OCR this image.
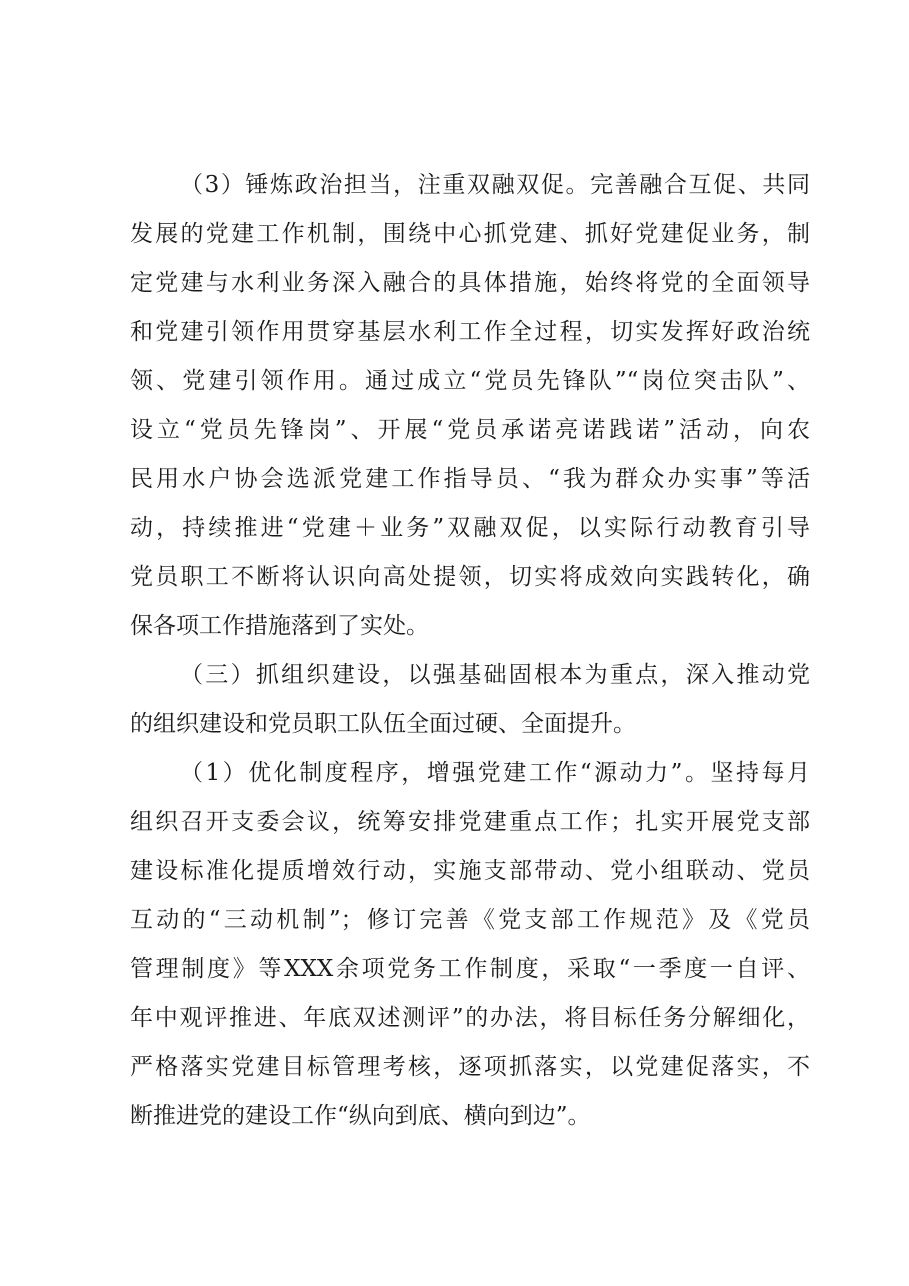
（3）锤炼政治担当，注重双融双促。完善融合互促、共同

发展的党建工作机制，围绕中心抓党建、抓好党建促业务，制

定党建与水利业务深入融合的具体措施，始终将党的全面领导

和党建引领作用贯穿基层水利工作全过程，切实发挥好政治统

领、党建引领作用。通过成立“党员先锋队”“岗位突击队”、

设立“党员先锋岗”、开展“党员承诺亮诺践诺”活动，向农

民用水户协会选派党建工作指导员、“我为群众办实事”等活

动，持续推进“党建＋业务”双融双促，以实际行动教育引导

党员职工不断将认识向高处提领，切实将成效向实践转化，确

保各项工作措施落到了实处。

（三）抓组织建设，以强基础固根本为重点，深入推动党

的组织建设和党员职工队伍全面过硬、全面提升。

（1）优化制度程序，增强党建工作“源动力”。坚持每月

组织召开支委会议，统筹安排党建重点工作；扎实开展党支部

建设标准化提质增效行动，实施支部带动、党小组联动、党员

互动的“三动机制”；修订完善《党支部工作规范》及《党员

管理制度》等XXX余项党务工作制度，采取“一季度一自评、

年中观评推进、年底双述测评”的办法，将目标任务分解细化，

严格落实党建目标管理考核，逐项抓落实，以党建促落实，不

断推进党的建设工作“纵向到底、横向到边”。
